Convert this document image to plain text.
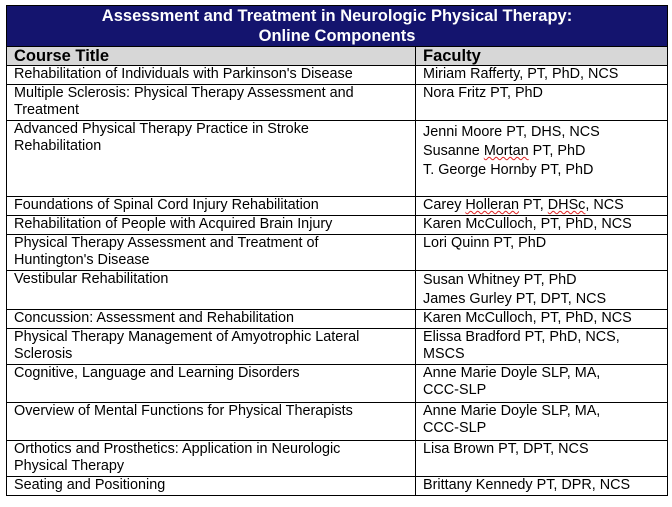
Assessment and Treatment in Neurologic Physical Therapy:
Online Components	

Course Title	Faculty
Rehabilitation of Individuals with Parkinson's Disease	Miriam Rafferty, PT, PhD, NCS

Multiple Sclerosis: Physical Therapy Assessment and Treatment	Nora Fritz PT, PhD

Advanced Physical Therapy Practice in Stroke Rehabilitation	Jenni Moore PT, DHS, NCS
Susanne Mortan PT, PhD
T. George Hornby PT, PhD

Foundations of Spinal Cord Injury Rehabilitation	Carey Holleran PT, DHSc, NCS

Rehabilitation of People with Acquired Brain Injury	Karen McCulloch, PT, PhD, NCS

Physical Therapy Assessment and Treatment of Huntington's Disease	Lori Quinn PT, PhD

Vestibular Rehabilitation	Susan Whitney PT, PhD
James Gurley PT, DPT, NCS

Concussion: Assessment and Rehabilitation	Karen McCulloch, PT, PhD, NCS

Physical Therapy Management of Amyotrophic Lateral Sclerosis	Elissa Bradford PT, PhD, NCS, MSCS

Cognitive, Language and Learning Disorders	Anne Marie Doyle SLP, MA, CCC-SLP

Overview of Mental Functions for Physical Therapists	Anne Marie Doyle SLP, MA, CCC-SLP

Orthotics and Prosthetics: Application in Neurologic Physical Therapy	Lisa Brown PT, DPT, NCS

Seating and Positioning	Brittany Kennedy PT, DPR, NCS
